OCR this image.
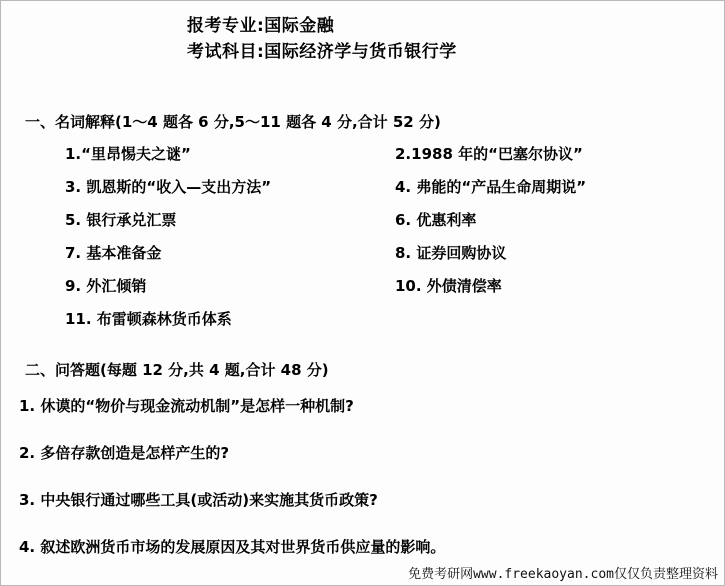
报考专业:国际金融
考试科目:国际经济学与货币银行学
一、名词解释(1～4 题各 6 分,5～11 题各 4 分,合计 52 分)
1.“里昂惕夫之谜”	2.1988 年的“巴塞尔协议”
3. 凯恩斯的“收入—支出方法”	4. 弗能的“产品生命周期说”
5. 银行承兑汇票	6. 优惠利率
7. 基本准备金	8. 证券回购协议
9. 外汇倾销	10. 外债清偿率
11. 布雷顿森林货币体系
二、问答题(每题 12 分,共 4 题,合计 48 分)
1. 休谟的“物价与现金流动机制”是怎样一种机制?
2. 多倍存款创造是怎样产生的?
3. 中央银行通过哪些工具(或活动)来实施其货币政策?
4. 叙述欧洲货币市场的发展原因及其对世界货币供应量的影响。
免费考研网www.freekaoyan.com仅仅负责整理资料
